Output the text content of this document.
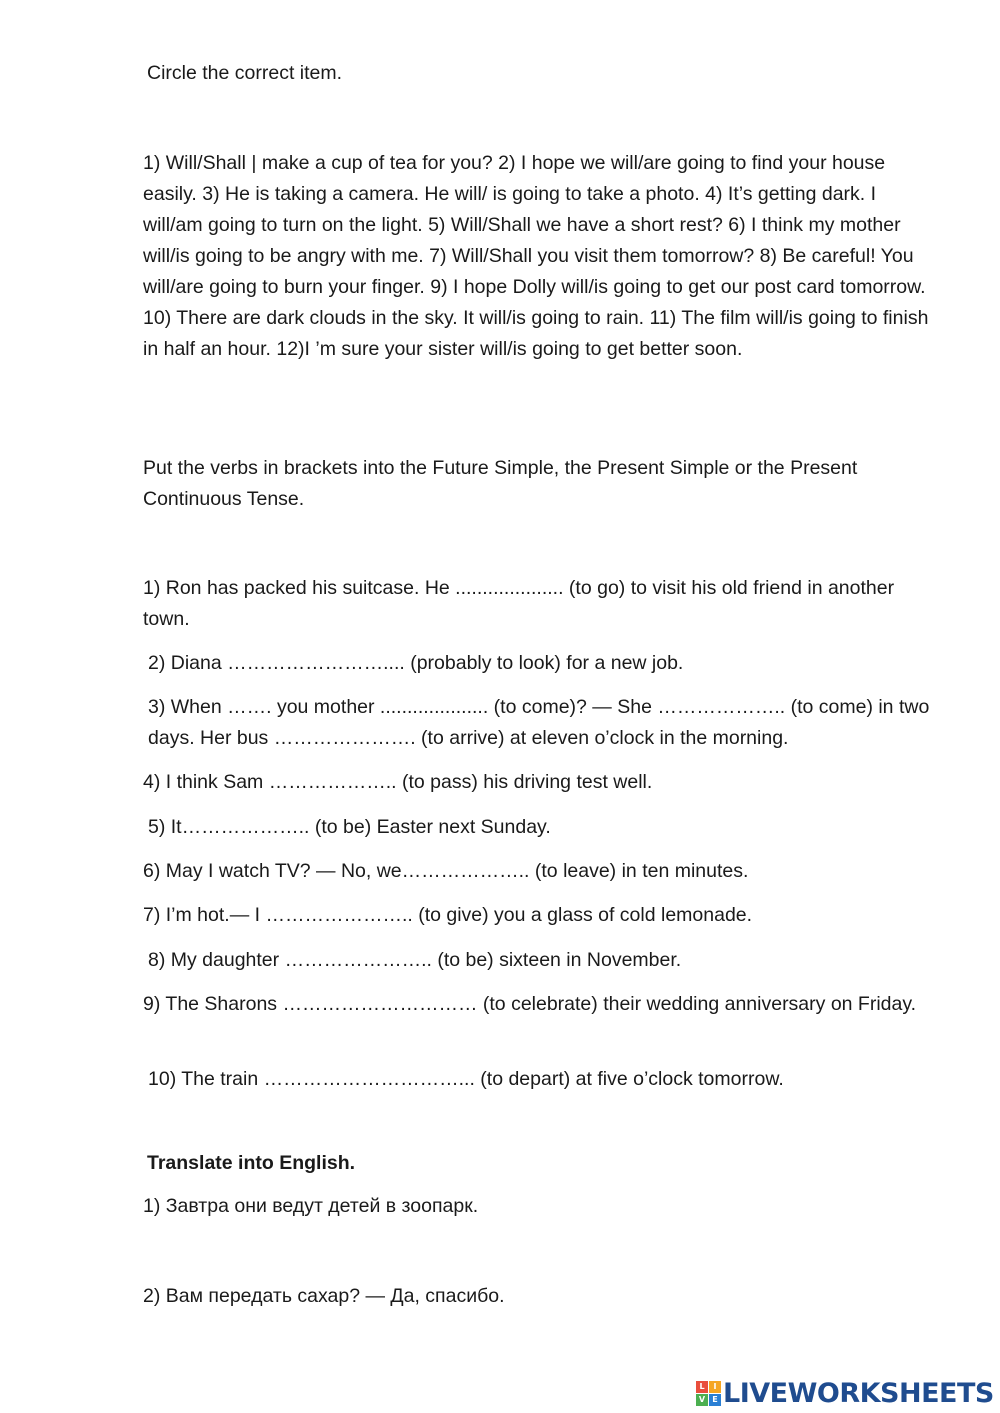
Circle the correct item.

1) Will/Shall | make a cup of tea for you? 2) I hope we will/are going to find your house easily. 3) He is taking a camera. He will/ is going to take a photo. 4) It’s getting dark. I will/am going to turn on the light. 5) Will/Shall we have a short rest? 6) I think my mother will/is going to be angry with me. 7) Will/Shall you visit them tomorrow? 8) Be careful! You will/are going to burn your finger. 9) I hope Dolly will/is going to get our post card tomorrow. 10) There are dark clouds in the sky. It will/is going to rain. 11) The film will/is going to finish in half an hour. 12)I ’m sure your sister will/is going to get better soon.

Put the verbs in brackets into the Future Simple, the Present Simple or the Present Continuous Tense.

1) Ron has packed his suitcase. He .................... (to go) to visit his old friend in another town.

2) Diana …………………….... (probably to look) for a new job.

3) When ……. you mother .................... (to come)? — She ……………….. (to come) in two days. Her bus …………………. (to arrive) at eleven o’clock in the morning.

4) I think Sam ……………….. (to pass) his driving test well.

5) It……………….. (to be) Easter next Sunday.

6) May I watch TV? — No, we……………….. (to leave) in ten minutes.

7) I’m hot.— I ………………….. (to give) you a glass of cold lemonade.

8) My daughter ………………….. (to be) sixteen in November.

9) The Sharons ………………………… (to celebrate) their wedding anniversary on Friday.

10) The train …………………………... (to depart) at five o’clock tomorrow.

Translate into English.

1) Завтра они ведут детей в зоопарк.

2) Вам передать сахар? — Да, спасибо.

L	I
V E LIVEWORKSHEETS
